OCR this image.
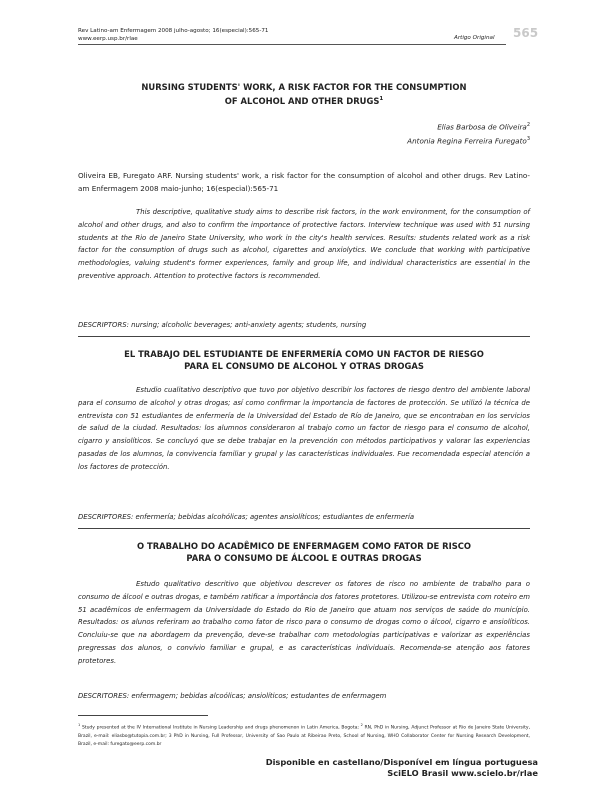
Rev Latino-am Enfermagem 2008 julho-agosto; 16(especial):565-71
www.eerp.usp.br/rlae	Artigo Original 565
NURSING STUDENTS' WORK, A RISK FACTOR FOR THE CONSUMPTION
OF ALCOHOL AND OTHER DRUGS$^1$
Elias Barbosa de Oliveira$^2$
Antonia Regina Ferreira Furegato$^3$
Oliveira EB, Furegato ARF. Nursing students' work, a risk factor for the consumption of alcohol and other drugs. Rev Latino-am Enfermagem 2008 maio-junho; 16(especial):565-71
This descriptive, qualitative study aims to describe risk factors, in the work environment, for the consumption of alcohol and other drugs, and also to confirm the importance of protective factors. Interview technique was used with 51 nursing students at the Rio de Janeiro State University, who work in the city's health services. Results: students related work as a risk factor for the consumption of drugs such as alcohol, cigarettes and anxiolytics. We conclude that working with participative methodologies, valuing student's former experiences, family and group life, and individual characteristics are essential in the preventive approach. Attention to protective factors is recommended.
DESCRIPTORS: nursing; alcoholic beverages; anti-anxiety agents; students, nursing
EL TRABAJO DEL ESTUDIANTE DE ENFERMERÍA COMO UN FACTOR DE RIESGO
PARA EL CONSUMO DE ALCOHOL Y OTRAS DROGAS
Estudio cualitativo descriptivo que tuvo por objetivo describir los factores de riesgo dentro del ambiente laboral para el consumo de alcohol y otras drogas; así como confirmar la importancia de factores de protección. Se utilizó la técnica de entrevista con 51 estudiantes de enfermería de la Universidad del Estado de Río de Janeiro, que se encontraban en los servicios de salud de la ciudad. Resultados: los alumnos consideraron al trabajo como un factor de riesgo para el consumo de alcohol, cigarro y ansiolíticos. Se concluyó que se debe trabajar en la prevención con métodos participativos y valorar las experiencias pasadas de los alumnos, la convivencia familiar y grupal y las características individuales. Fue recomendada especial atención a los factores de protección.
DESCRIPTORES: enfermería; bebidas alcohólicas; agentes ansiolíticos; estudiantes de enfermería
O TRABALHO DO ACADÊMICO DE ENFERMAGEM COMO FATOR DE RISCO
PARA O CONSUMO DE ÁLCOOL E OUTRAS DROGAS
Estudo qualitativo descritivo que objetivou descrever os fatores de risco no ambiente de trabalho para o consumo de álcool e outras drogas, e também ratificar a importância dos fatores protetores. Utilizou-se entrevista com roteiro em 51 acadêmicos de enfermagem da Universidade do Estado do Rio de Janeiro que atuam nos serviços de saúde do município. Resultados: os alunos referiram ao trabalho como fator de risco para o consumo de drogas como o álcool, cigarro e ansiolíticos. Concluiu-se que na abordagem da prevenção, deve-se trabalhar com metodologias participativas e valorizar as experiências pregressas dos alunos, o convívio familiar e grupal, e as características individuais. Recomenda-se atenção aos fatores protetores.
DESCRITORES: enfermagem; bebidas alcoólicas; ansiolíticos; estudantes de enfermagem
$^1$ Study presented at the IV International Institute in Nursing Leadership and drugs phenomenon in Latin America, Bogota; $^2$ RN, PhD in Nursing, Adjunct Professor at Rio de Janeiro State University, Brazil, e-mail: eliasbo@tutopia.com.br; 3 PhD in Nursing, Full Professor, University of Sao Paulo at Ribeirao Preto, School of Nursing, WHO Collaborator Center for Nursing Research Development, Brazil, e-mail: furegato@eerp.com.br
Disponible en castellano/Disponível em língua portuguesa
SciELO Brasil www.scielo.br/rlae
